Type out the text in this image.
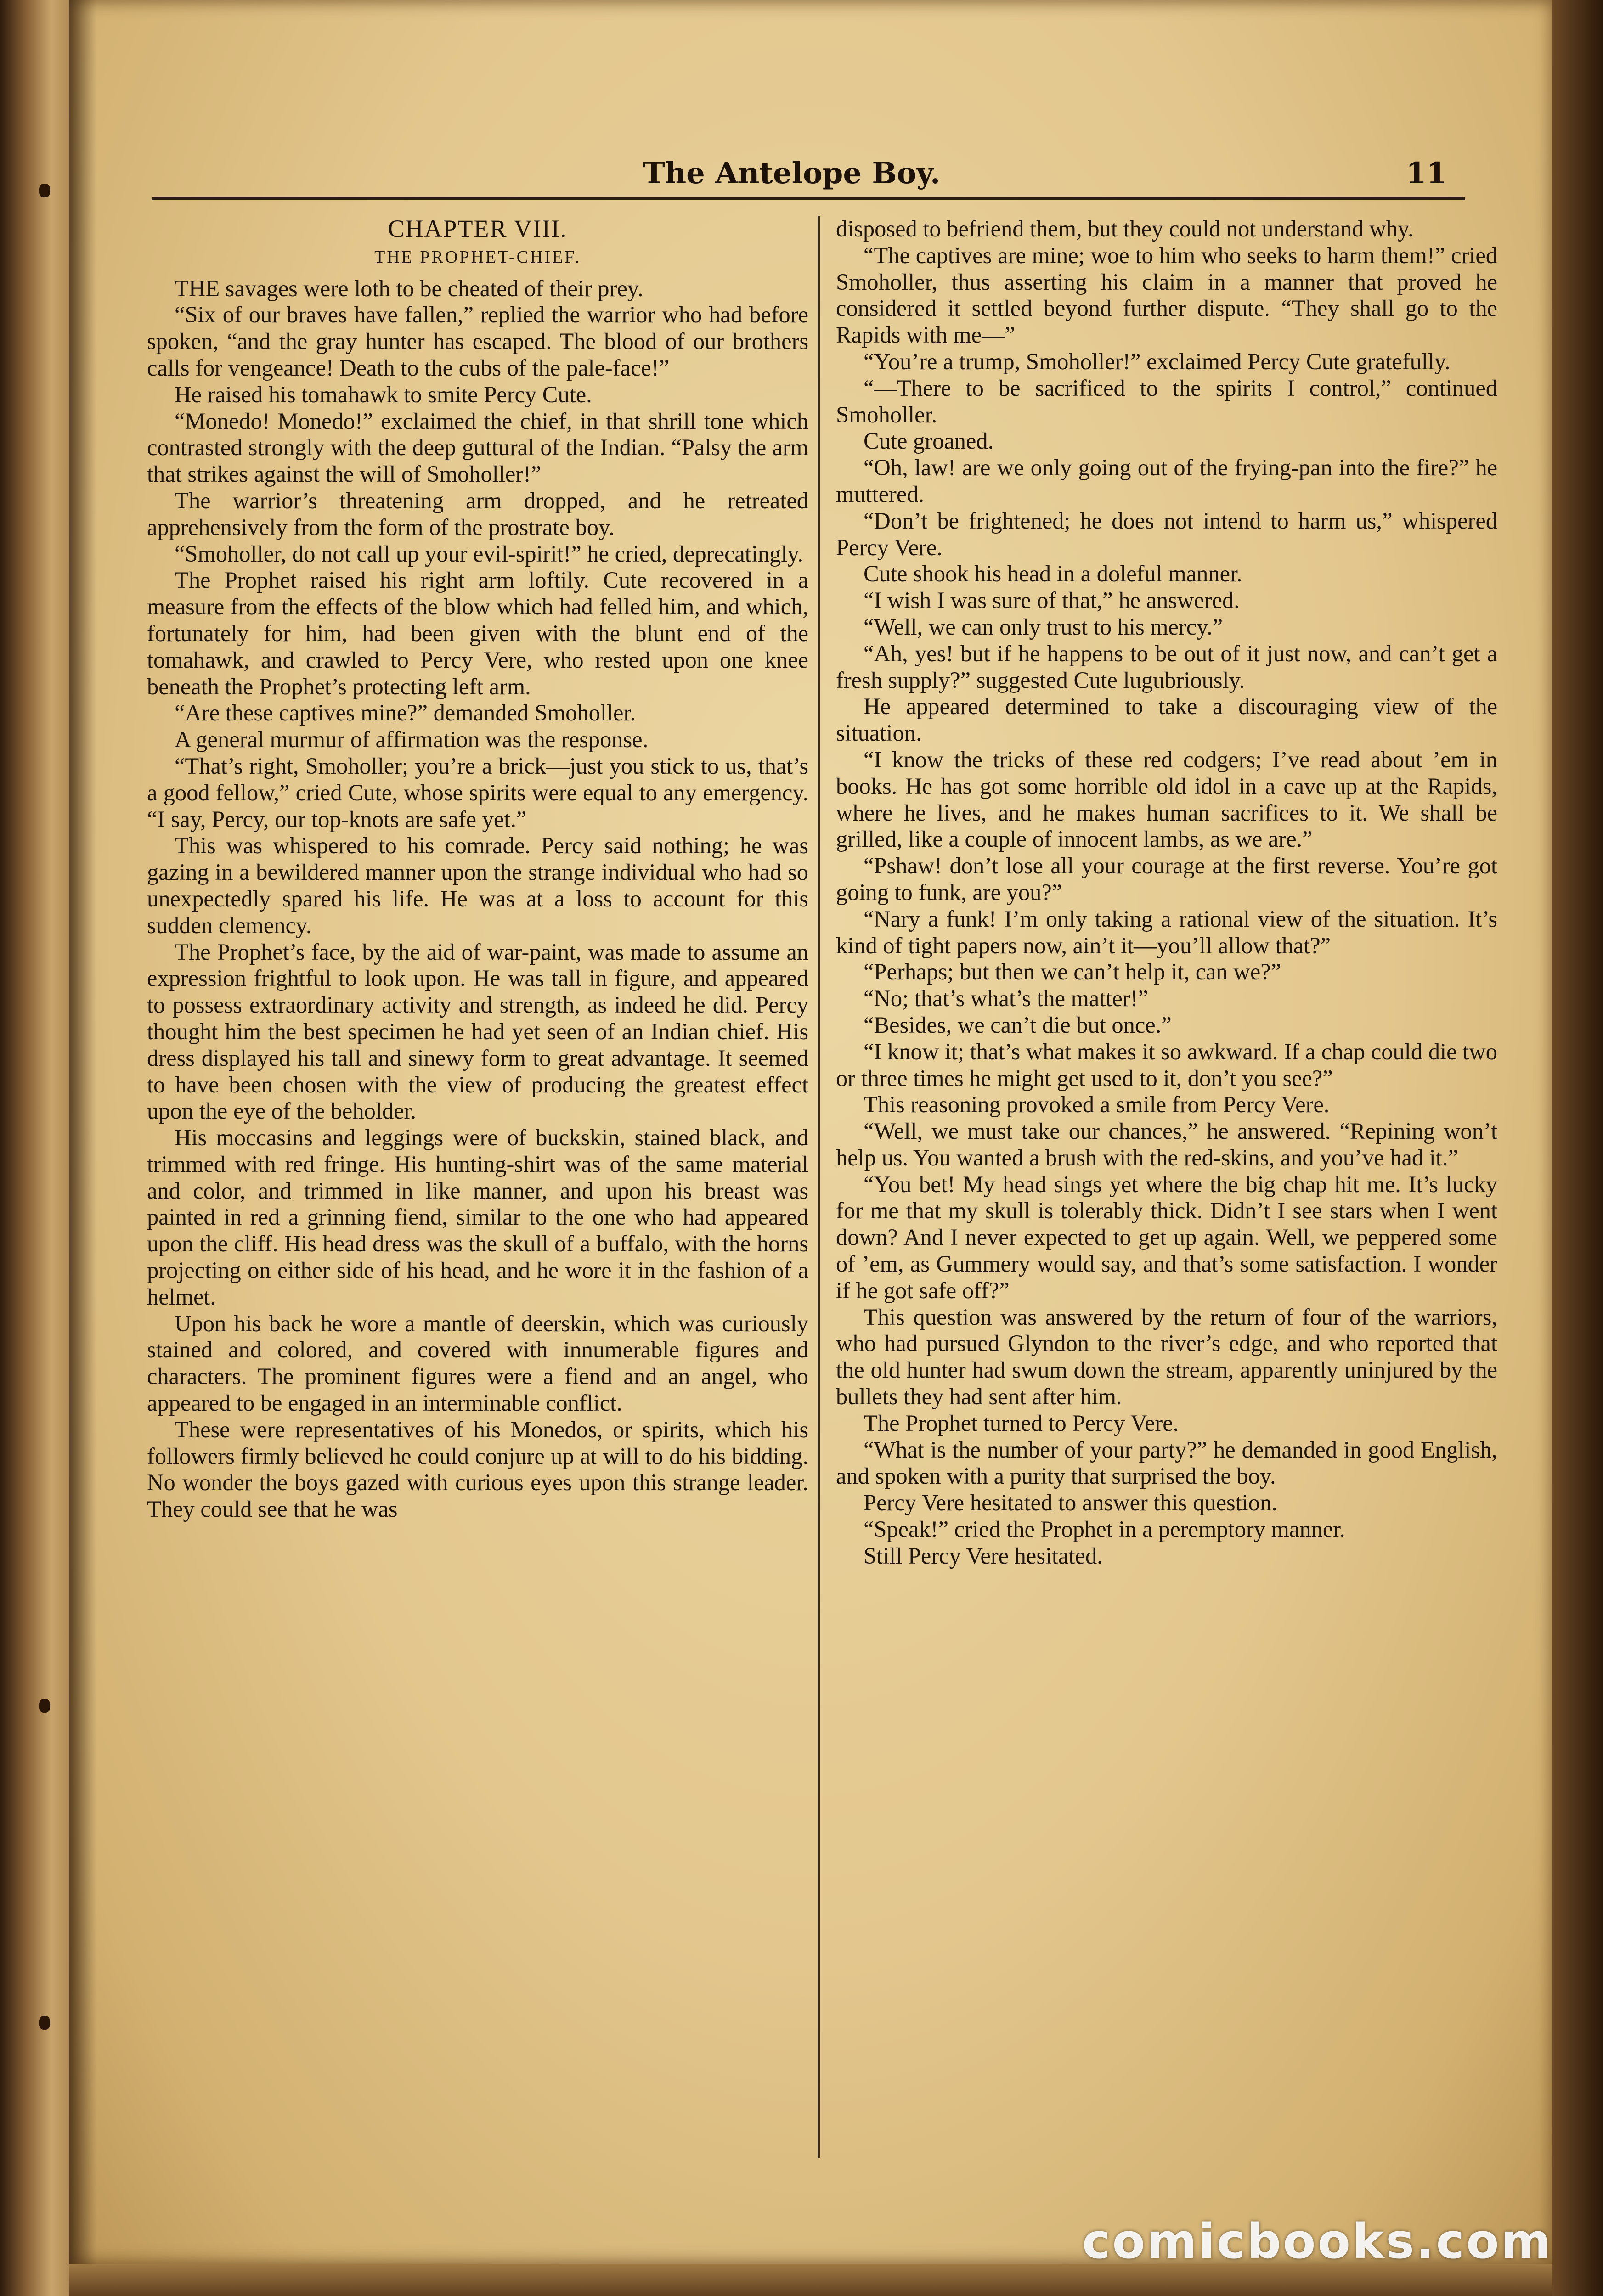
The Antelope Boy.	11

CHAPTER VIII.

THE PROPHET-CHIEF.

THE savages were loth to be cheated of their prey.

“Six of our braves have fallen,” replied the warrior who had before spoken, “and the gray hunter has escaped. The blood of our brothers calls for vengeance! Death to the cubs of the pale-face!”

He raised his tomahawk to smite Percy Cute.

“Monedo! Monedo!” exclaimed the chief, in that shrill tone which contrasted strongly with the deep guttural of the Indian. “Palsy the arm that strikes against the will of Smoholler!”

The warrior’s threatening arm dropped, and he retreated apprehensively from the form of the prostrate boy.

“Smoholler, do not call up your evil-spirit!” he cried, deprecatingly.

The Prophet raised his right arm loftily. Cute recovered in a measure from the effects of the blow which had felled him, and which, fortunately for him, had been given with the blunt end of the tomahawk, and crawled to Percy Vere, who rested upon one knee beneath the Prophet’s protecting left arm.

“Are these captives mine?” demanded Smoholler.

A general murmur of affirmation was the response.

“That’s right, Smoholler; you’re a brick—just you stick to us, that’s a good fellow,” cried Cute, whose spirits were equal to any emergency. “I say, Percy, our top-knots are safe yet.”

This was whispered to his comrade. Percy said nothing; he was gazing in a bewildered manner upon the strange individual who had so unexpectedly spared his life. He was at a loss to account for this sudden clemency.

The Prophet’s face, by the aid of war-paint, was made to assume an expression frightful to look upon. He was tall in figure, and appeared to possess extraordinary activity and strength, as indeed he did. Percy thought him the best specimen he had yet seen of an Indian chief. His dress displayed his tall and sinewy form to great advantage. It seemed to have been chosen with the view of producing the greatest effect upon the eye of the beholder.

His moccasins and leggings were of buckskin, stained black, and trimmed with red fringe. His hunting-shirt was of the same material and color, and trimmed in like manner, and upon his breast was painted in red a grinning fiend, similar to the one who had appeared upon the cliff. His head dress was the skull of a buffalo, with the horns projecting on either side of his head, and he wore it in the fashion of a helmet.

Upon his back he wore a mantle of deerskin, which was curiously stained and colored, and covered with innumerable figures and characters. The prominent figures were a fiend and an angel, who appeared to be engaged in an interminable conflict.

These were representatives of his Monedos, or spirits, which his followers firmly believed he could conjure up at will to do his bidding. No wonder the boys gazed with curious eyes upon this strange leader. They could see that he was

disposed to befriend them, but they could not understand why.

“The captives are mine; woe to him who seeks to harm them!” cried Smoholler, thus asserting his claim in a manner that proved he considered it settled beyond further dispute. “They shall go to the Rapids with me—”

“You’re a trump, Smoholler!” exclaimed Percy Cute gratefully.

“—There to be sacrificed to the spirits I control,” continued Smoholler.

Cute groaned.

“Oh, law! are we only going out of the frying-pan into the fire?” he muttered.

“Don’t be frightened; he does not intend to harm us,” whispered Percy Vere.

Cute shook his head in a doleful manner.

“I wish I was sure of that,” he answered.

“Well, we can only trust to his mercy.”

“Ah, yes! but if he happens to be out of it just now, and can’t get a fresh supply?” suggested Cute lugubriously.

He appeared determined to take a discouraging view of the situation.

“I know the tricks of these red codgers; I’ve read about ’em in books. He has got some horrible old idol in a cave up at the Rapids, where he lives, and he makes human sacrifices to it. We shall be grilled, like a couple of innocent lambs, as we are.”

“Pshaw! don’t lose all your courage at the first reverse. You’re got going to funk, are you?”

“Nary a funk! I’m only taking a rational view of the situation. It’s kind of tight papers now, ain’t it—you’ll allow that?”

“Perhaps; but then we can’t help it, can we?”

“No; that’s what’s the matter!”

“Besides, we can’t die but once.”

“I know it; that’s what makes it so awkward. If a chap could die two or three times he might get used to it, don’t you see?”

This reasoning provoked a smile from Percy Vere.

“Well, we must take our chances,” he answered. “Repining won’t help us. You wanted a brush with the red-skins, and you’ve had it.”

“You bet! My head sings yet where the big chap hit me. It’s lucky for me that my skull is tolerably thick. Didn’t I see stars when I went down? And I never expected to get up again. Well, we peppered some of ’em, as Gummery would say, and that’s some satisfaction. I wonder if he got safe off?”

This question was answered by the return of four of the warriors, who had pursued Glyndon to the river’s edge, and who reported that the old hunter had swum down the stream, apparently uninjured by the bullets they had sent after him.

The Prophet turned to Percy Vere.

“What is the number of your party?” he demanded in good English, and spoken with a purity that surprised the boy.

Percy Vere hesitated to answer this question.

“Speak!” cried the Prophet in a peremptory manner.

Still Percy Vere hesitated.

comicbooks.com
